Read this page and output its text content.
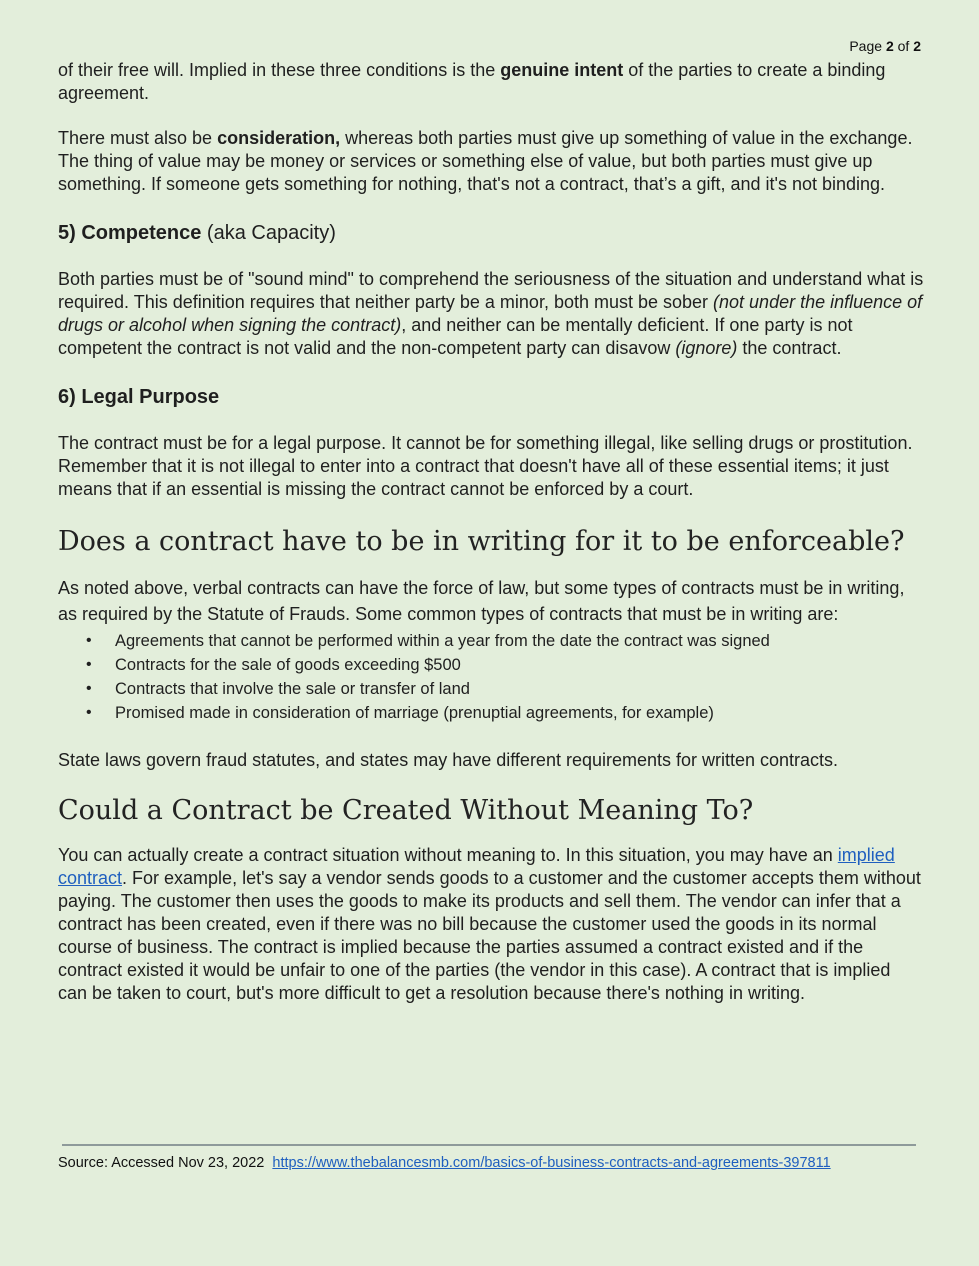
Page 2 of 2

of their free will. Implied in these three conditions is the genuine intent of the parties to create a binding agreement.

There must also be consideration, whereas both parties must give up something of value in the exchange. The thing of value may be money or services or something else of value, but both parties must give up something. If someone gets something for nothing, that's not a contract, that’s a gift, and it's not binding.

5) Competence (aka Capacity)

Both parties must be of "sound mind" to comprehend the seriousness of the situation and understand what is required. This definition requires that neither party be a minor, both must be sober (not under the influence of drugs or alcohol when signing the contract), and neither can be mentally deficient. If one party is not competent the contract is not valid and the non-competent party can disavow (ignore) the contract.

6) Legal Purpose

The contract must be for a legal purpose. It cannot be for something illegal, like selling drugs or prostitution. Remember that it is not illegal to enter into a contract that doesn't have all of these essential items; it just means that if an essential is missing the contract cannot be enforced by a court.

Does a contract have to be in writing for it to be enforceable?

As noted above, verbal contracts can have the force of law, but some types of contracts must be in writing, as required by the Statute of Frauds. Some common types of contracts that must be in writing are:

• Agreements that cannot be performed within a year from the date the contract was signed
• Contracts for the sale of goods exceeding $500
• Contracts that involve the sale or transfer of land
• Promised made in consideration of marriage (prenuptial agreements, for example)

State laws govern fraud statutes, and states may have different requirements for written contracts.

Could a Contract be Created Without Meaning To?

You can actually create a contract situation without meaning to. In this situation, you may have an implied contract. For example, let's say a vendor sends goods to a customer and the customer accepts them without paying. The customer then uses the goods to make its products and sell them. The vendor can infer that a contract has been created, even if there was no bill because the customer used the goods in its normal course of business. The contract is implied because the parties assumed a contract existed and if the contract existed it would be unfair to one of the parties (the vendor in this case). A contract that is implied can be taken to court, but's more difficult to get a resolution because there's nothing in writing.

Source: Accessed Nov 23, 2022 https://www.thebalancesmb.com/basics-of-business-contracts-and-agreements-397811
